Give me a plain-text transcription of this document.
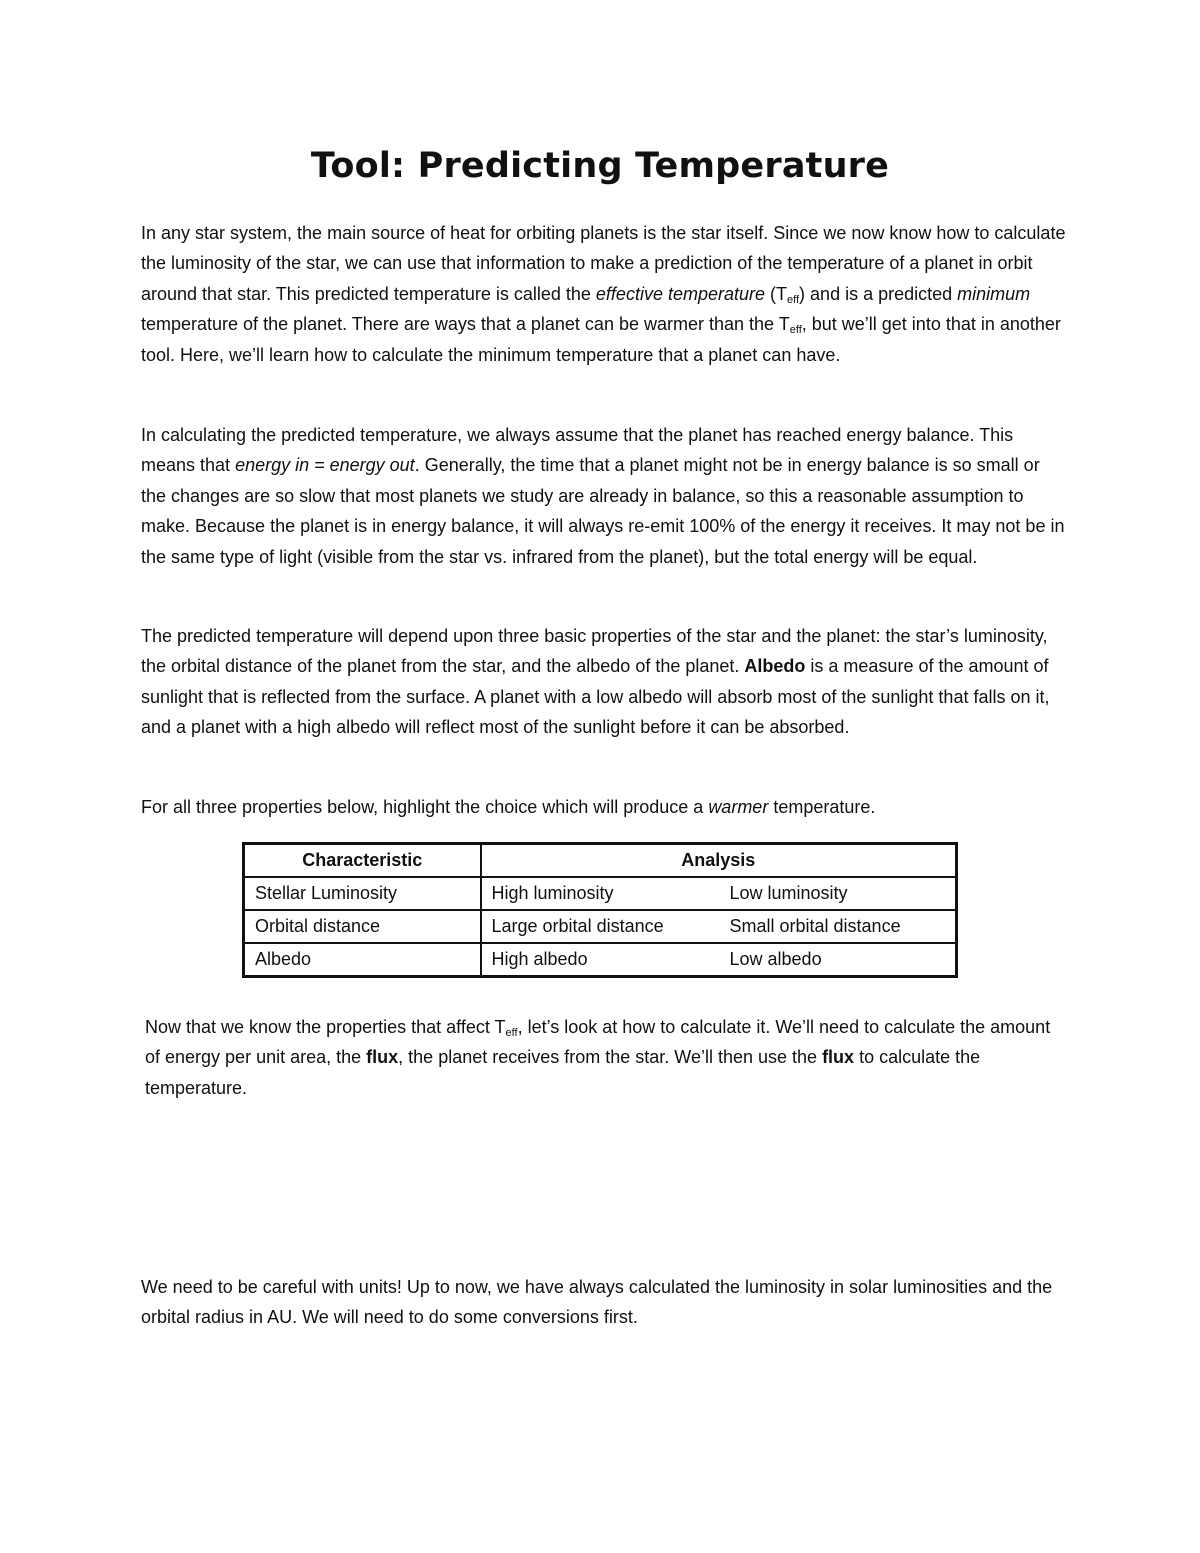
Tool: Predicting Temperature

In any star system, the main source of heat for orbiting planets is the star itself. Since we now know how to calculate the luminosity of the star, we can use that information to make a prediction of the temperature of a planet in orbit around that star. This predicted temperature is called the effective temperature $(T_{eff})$ and is a predicted minimum temperature of the planet. There are ways that a planet can be warmer than the $T_{eff}$, but we’ll get into that in another tool. Here, we’ll learn how to calculate the minimum temperature that a planet can have.

In calculating the predicted temperature, we always assume that the planet has reached energy balance. This means that energy in = energy out. Generally, the time that a planet might not be in energy balance is so small or the changes are so slow that most planets we study are already in balance, so this a reasonable assumption to make. Because the planet is in energy balance, it will always re-emit 100% of the energy it receives. It may not be in the same type of light (visible from the star vs. infrared from the planet), but the total energy will be equal.

The predicted temperature will depend upon three basic properties of the star and the planet: the star’s luminosity, the orbital distance of the planet from the star, and the albedo of the planet. Albedo is a measure of the amount of sunlight that is reflected from the surface. A planet with a low albedo will absorb most of the sunlight that falls on it, and a planet with a high albedo will reflect most of the sunlight before it can be absorbed.

For all three properties below, highlight the choice which will produce a warmer temperature.

Characteristic	Analysis	
Stellar Luminosity	High luminosity	Low luminosity
Orbital distance	Large orbital distance	Small orbital distance
Albedo	High albedo	Low albedo

Now that we know the properties that affect $T_{eff}$, let’s look at how to calculate it. We’ll need to calculate the amount of energy per unit area, the flux, the planet receives from the star. We’ll then use the flux to calculate the temperature.

We need to be careful with units! Up to now, we have always calculated the luminosity in solar luminosities and the orbital radius in AU. We will need to do some conversions first.
